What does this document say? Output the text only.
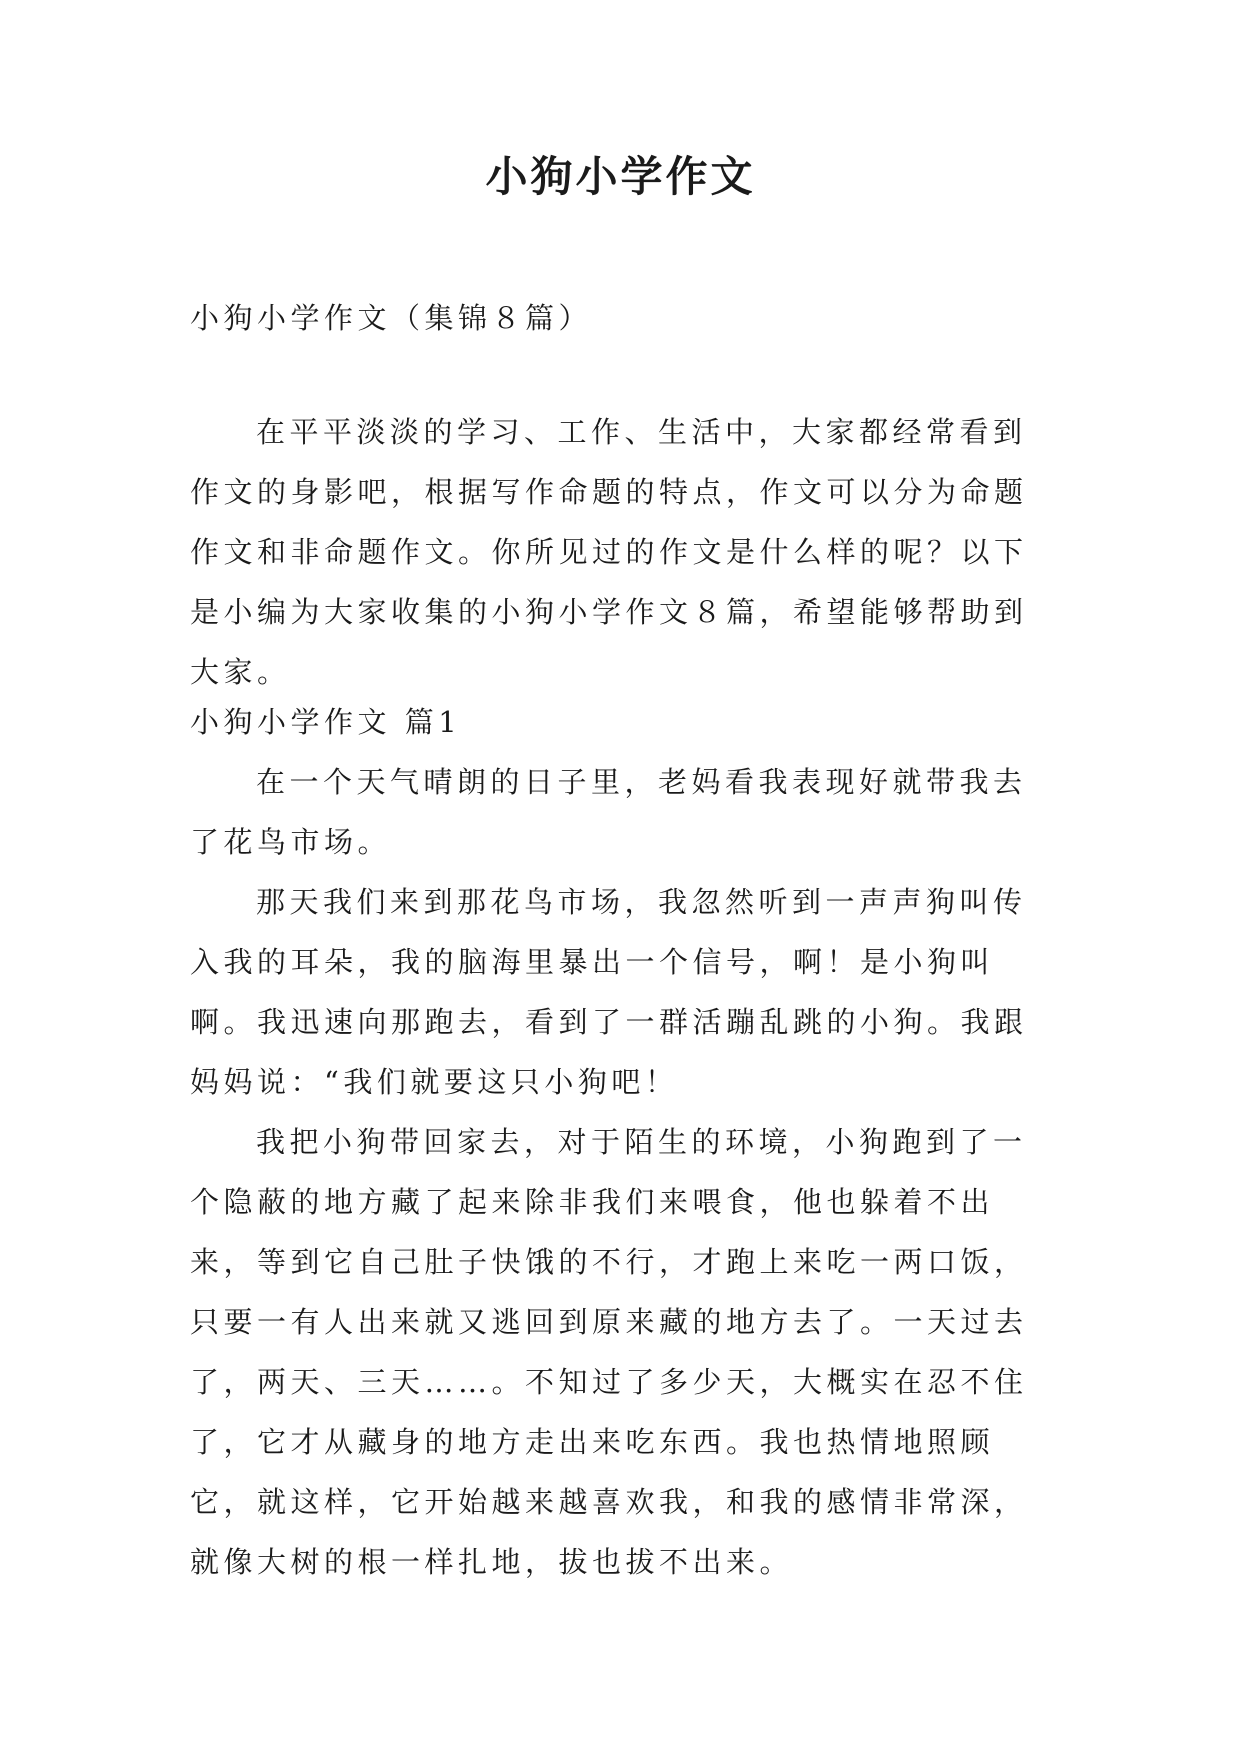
小狗小学作文

小狗小学作文（集锦８篇）

在平平淡淡的学习、工作、生活中，大家都经常看到作文的身影吧，根据写作命题的特点，作文可以分为命题作文和非命题作文。你所见过的作文是什么样的呢？以下是小编为大家收集的小狗小学作文８篇，希望能够帮助到大家。

小狗小学作文 篇1

在一个天气晴朗的日子里，老妈看我表现好就带我去了花鸟市场。

那天我们来到那花鸟市场，我忽然听到一声声狗叫传入我的耳朵，我的脑海里暴出一个信号，啊！是小狗叫啊。我迅速向那跑去，看到了一群活蹦乱跳的小狗。我跟妈妈说：“我们就要这只小狗吧！

我把小狗带回家去，对于陌生的环境，小狗跑到了一个隐蔽的地方藏了起来除非我们来喂食，他也躲着不出来，等到它自己肚子快饿的不行，才跑上来吃一两口饭，只要一有人出来就又逃回到原来藏的地方去了。一天过去了，两天、三天……。不知过了多少天，大概实在忍不住了，它才从藏身的地方走出来吃东西。我也热情地照顾它，就这样，它开始越来越喜欢我，和我的感情非常深，就像大树的根一样扎地，拔也拔不出来。
